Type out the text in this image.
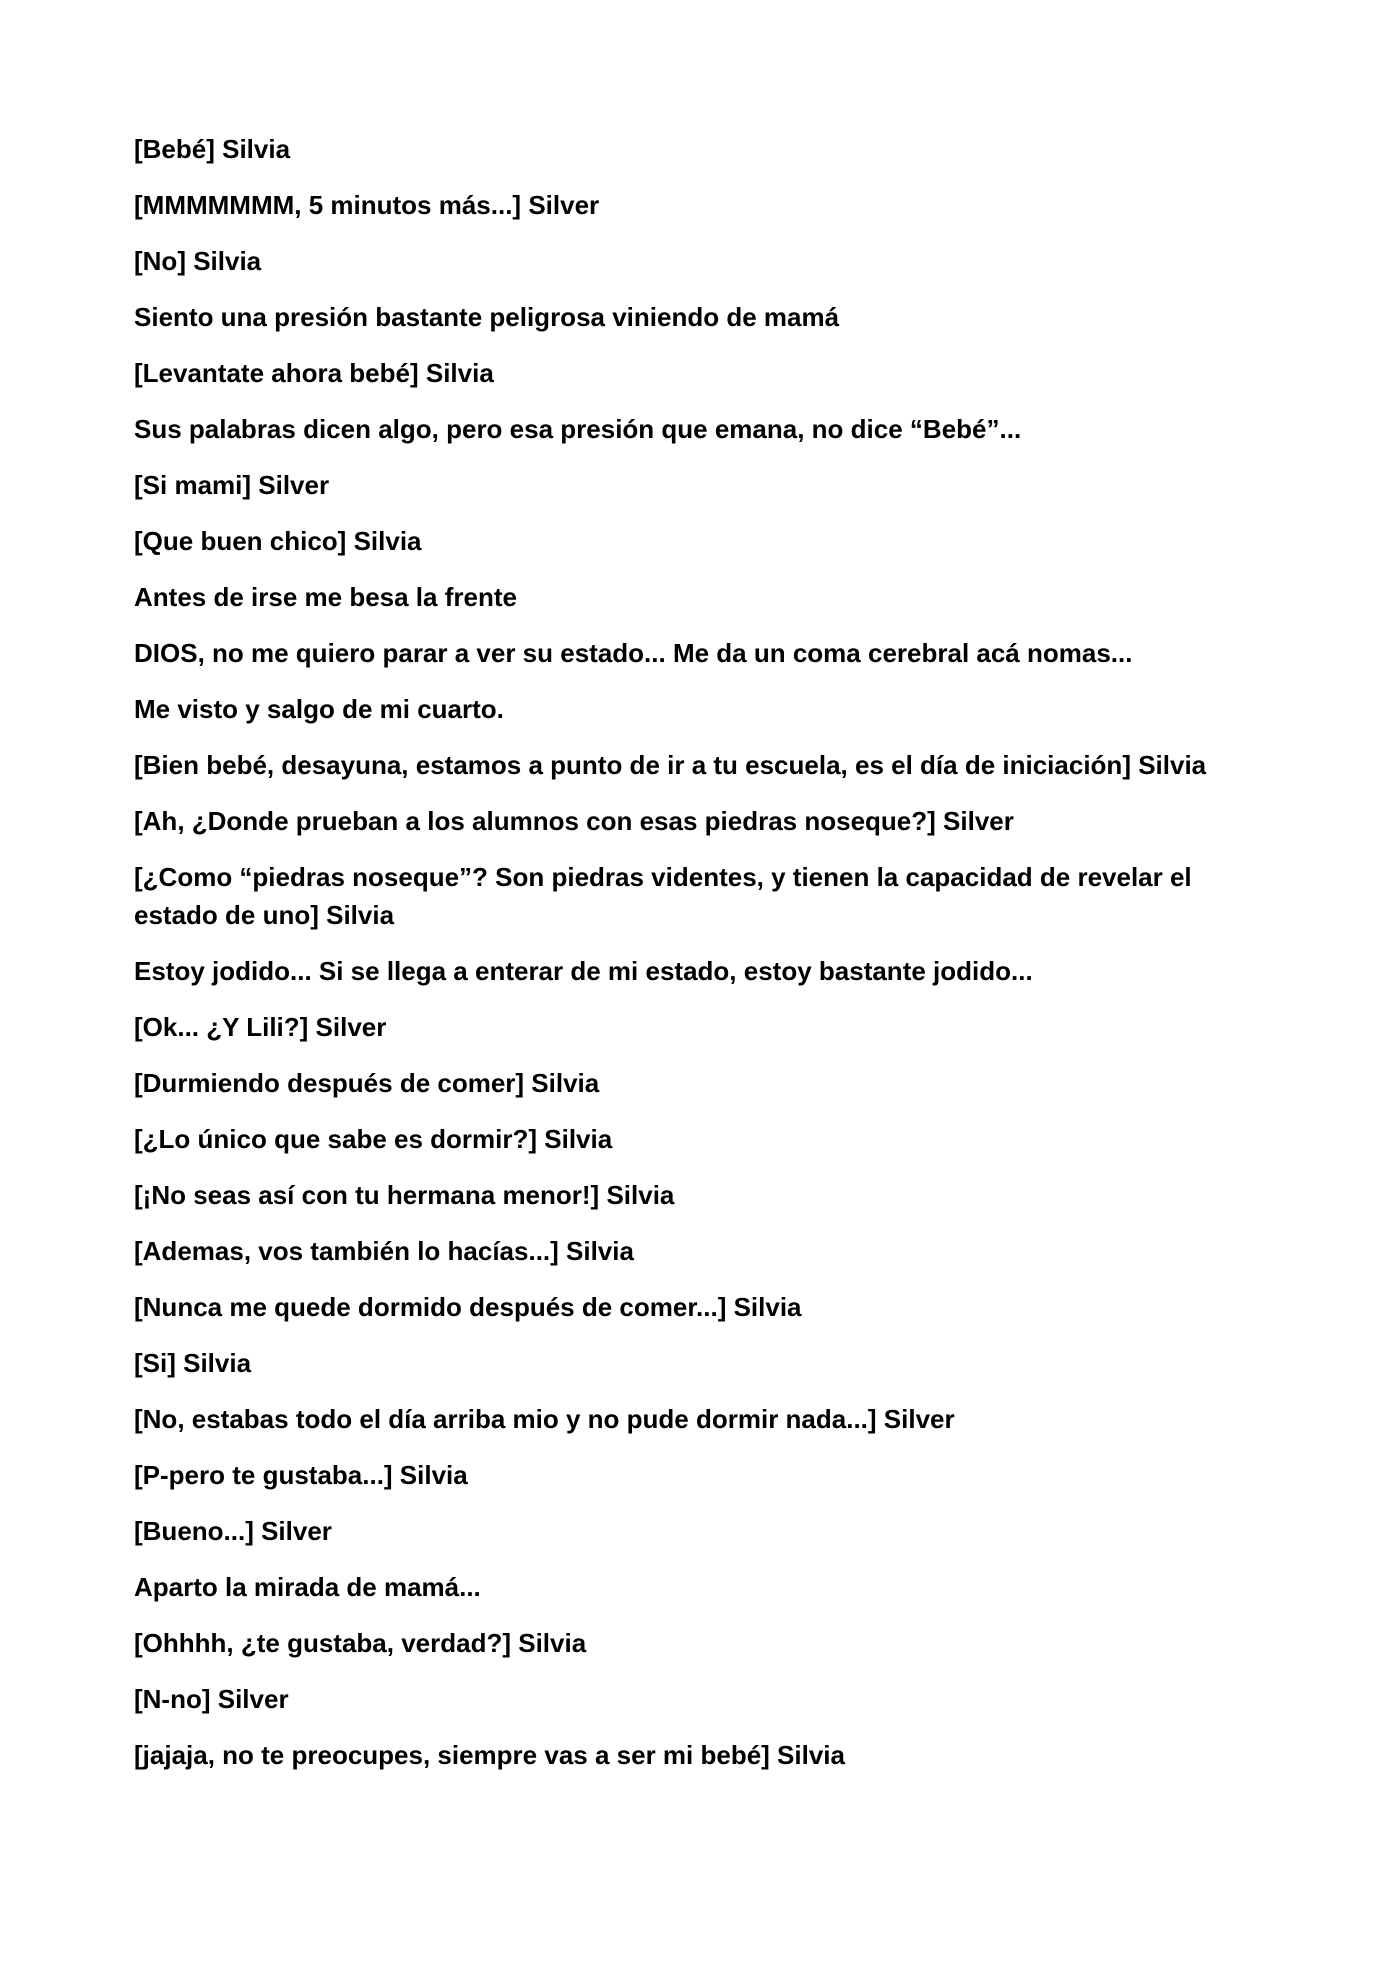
[Bebé] Silvia

[MMMMMMM, 5 minutos más...] Silver

[No] Silvia

Siento una presión bastante peligrosa viniendo de mamá

[Levantate ahora bebé] Silvia

Sus palabras dicen algo, pero esa presión que emana, no dice “Bebé”...

[Si mami] Silver

[Que buen chico] Silvia

Antes de irse me besa la frente

DIOS, no me quiero parar a ver su estado... Me da un coma cerebral acá nomas...

Me visto y salgo de mi cuarto.

[Bien bebé, desayuna, estamos a punto de ir a tu escuela, es el día de iniciación] Silvia

[Ah, ¿Donde prueban a los alumnos con esas piedras noseque?] Silver

[¿Como “piedras noseque”? Son piedras videntes, y tienen la capacidad de revelar el estado de uno] Silvia

Estoy jodido... Si se llega a enterar de mi estado, estoy bastante jodido...

[Ok... ¿Y Lili?] Silver

[Durmiendo después de comer] Silvia

[¿Lo único que sabe es dormir?] Silvia

[¡No seas así con tu hermana menor!] Silvia

[Ademas, vos también lo hacías...] Silvia

[Nunca me quede dormido después de comer...] Silvia

[Si] Silvia

[No, estabas todo el día arriba mio y no pude dormir nada...] Silver

[P-pero te gustaba...] Silvia

[Bueno...] Silver

Aparto la mirada de mamá...

[Ohhhh, ¿te gustaba, verdad?] Silvia

[N-no] Silver

[jajaja, no te preocupes, siempre vas a ser mi bebé] Silvia
